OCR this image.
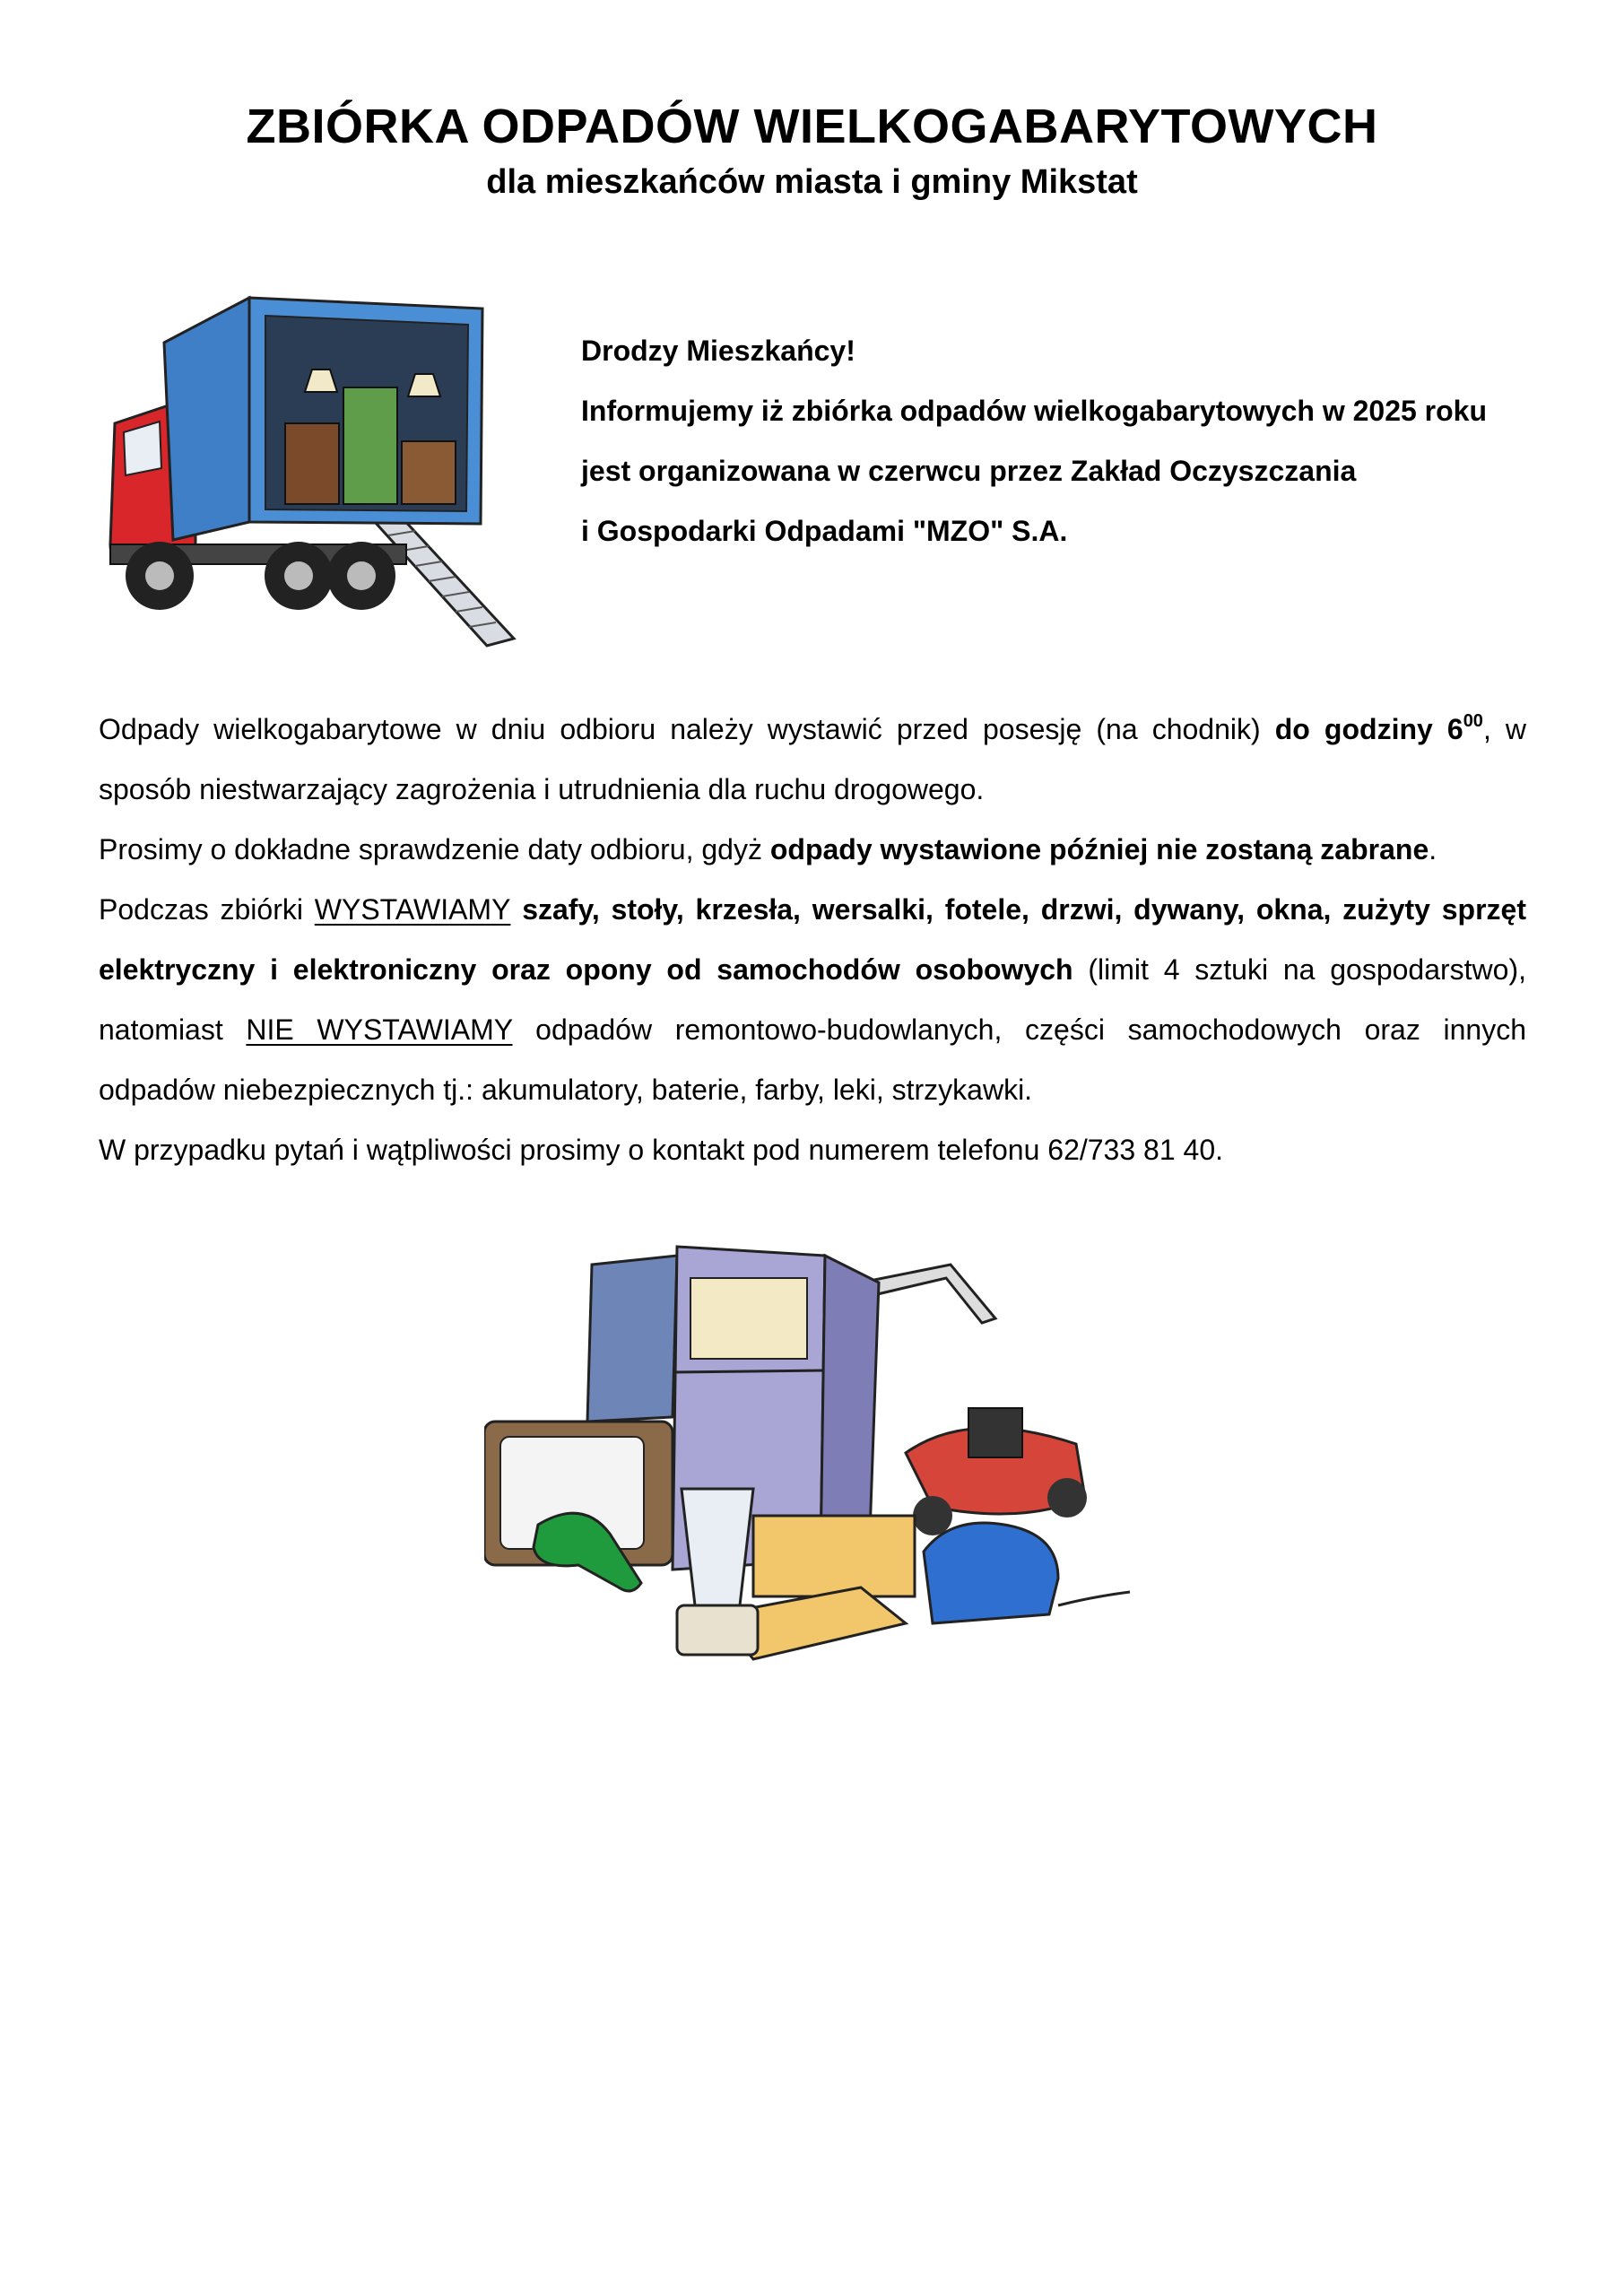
ZBIÓRKA ODPADÓW WIELKOGABARYTOWYCH
dla mieszkańców miasta i gminy Mikstat
Drodzy Mieszkańcy!
Informujemy iż zbiórka odpadów wielkogabarytowych w 2025 roku
jest organizowana w czerwcu przez Zakład Oczyszczania
i Gospodarki Odpadami "MZO" S.A.

Odpady wielkogabarytowe w dniu odbioru należy wystawić przed posesję (na chodnik) do godziny $6^{00}$, w sposób niestwarzający zagrożenia i utrudnienia dla ruchu drogowego.

Prosimy o dokładne sprawdzenie daty odbioru, gdyż odpady wystawione później nie zostaną zabrane.

Podczas zbiórki WYSTAWIAMY szafy, stoły, krzesła, wersalki, fotele, drzwi, dywany, okna, zużyty sprzęt elektryczny i elektroniczny oraz opony od samochodów osobowych (limit 4 sztuki na gospodarstwo), natomiast NIE WYSTAWIAMY odpadów remontowo-budowlanych, części samochodowych oraz innych odpadów niebezpiecznych tj.: akumulatory, baterie, farby, leki, strzykawki.

W przypadku pytań i wątpliwości prosimy o kontakt pod numerem telefonu 62/733 81 40.
